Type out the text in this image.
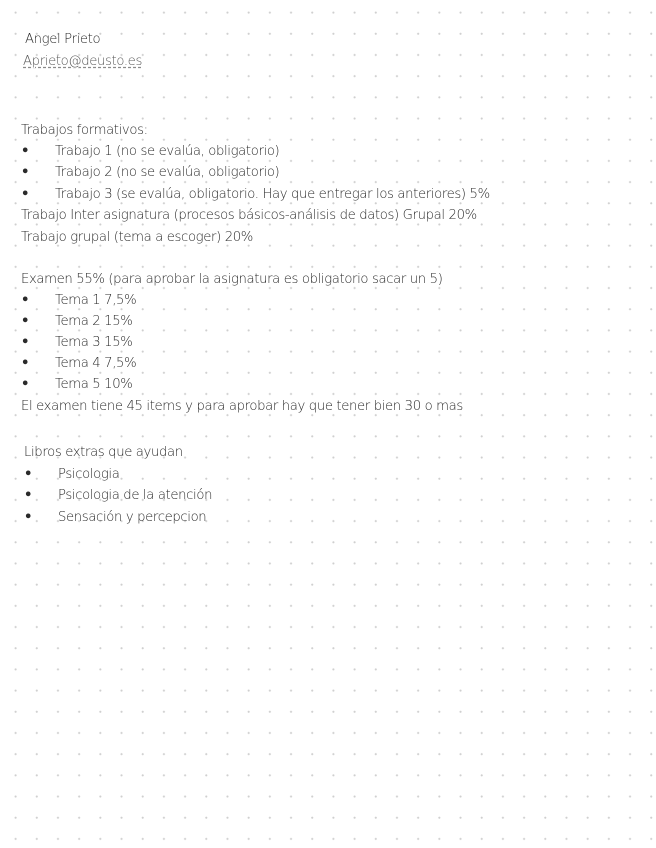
Angel Prieto
Aprieto@deusto.es
Trabajos formativos:
• Trabajo 1 (no se evalúa, obligatorio)
• Trabajo 2 (no se evalúa, obligatorio)
• Trabajo 3 (se evalúa, obligatorio. Hay que entregar los anteriores) 5%
Trabajo Inter asignatura (procesos básicos-análisis de datos) Grupal 20%
Trabajo grupal (tema a escoger) 20%
Examen 55% (para aprobar la asignatura es obligatorio sacar un 5)
• Tema 1 7,5%
• Tema 2 15%
• Tema 3 15%
• Tema 4 7,5%
• Tema 5 10%
El examen tiene 45 items y para aprobar hay que tener bien 30 o mas
Libros extras que ayudan
• Psicologia
• Psicologia de la atención
• Sensación y percepcion
